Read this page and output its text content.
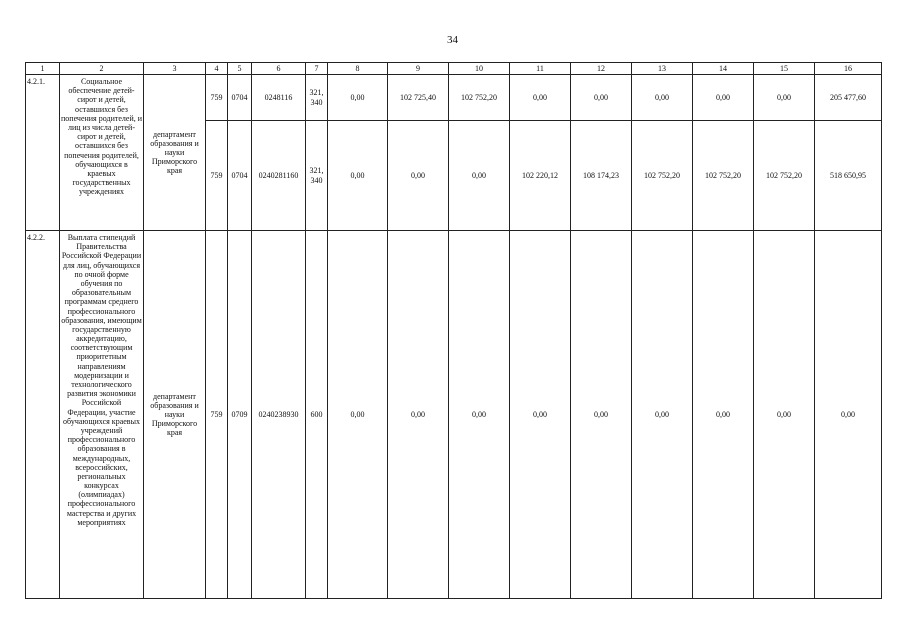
34
1	2	3	4	5	6	7	8	9	10	11	12	13	14	15	16
4.2.1.	Социальное обеспечение детей-сирот и детей, оставшихся без попечения родителей, и лиц из числа детей-сирот и детей, оставшихся без попечения родителей, обучающихся в краевых государственных учреждениях	департамент образования и науки Приморского края	759	0704	0248116	321, 340	0,00	102 725,40	102 752,20	0,00	0,00	0,00	0,00	0,00	205 477,60
			759	0704	0240281160	321, 340	0,00	0,00	0,00	102 220,12	108 174,23	102 752,20	102 752,20	102 752,20	518 650,95
4.2.2.	Выплата стипендий Правительства Российской Федерации для лиц, обучающихся по очной форме обучения по образовательным программам среднего профессионального образования, имеющим государственную аккредитацию, соответствующим приоритетным направлениям модернизации и технологического развития экономики Российской Федерации, участие обучающихся краевых учреждений профессионального образования в международных, всероссийских, региональных конкурсах (олимпиадах) профессионального мастерства и других мероприятиях	департамент образования и науки Приморского края	759	0709	0240238930	600	0,00	0,00	0,00	0,00	0,00	0,00	0,00	0,00	0,00
